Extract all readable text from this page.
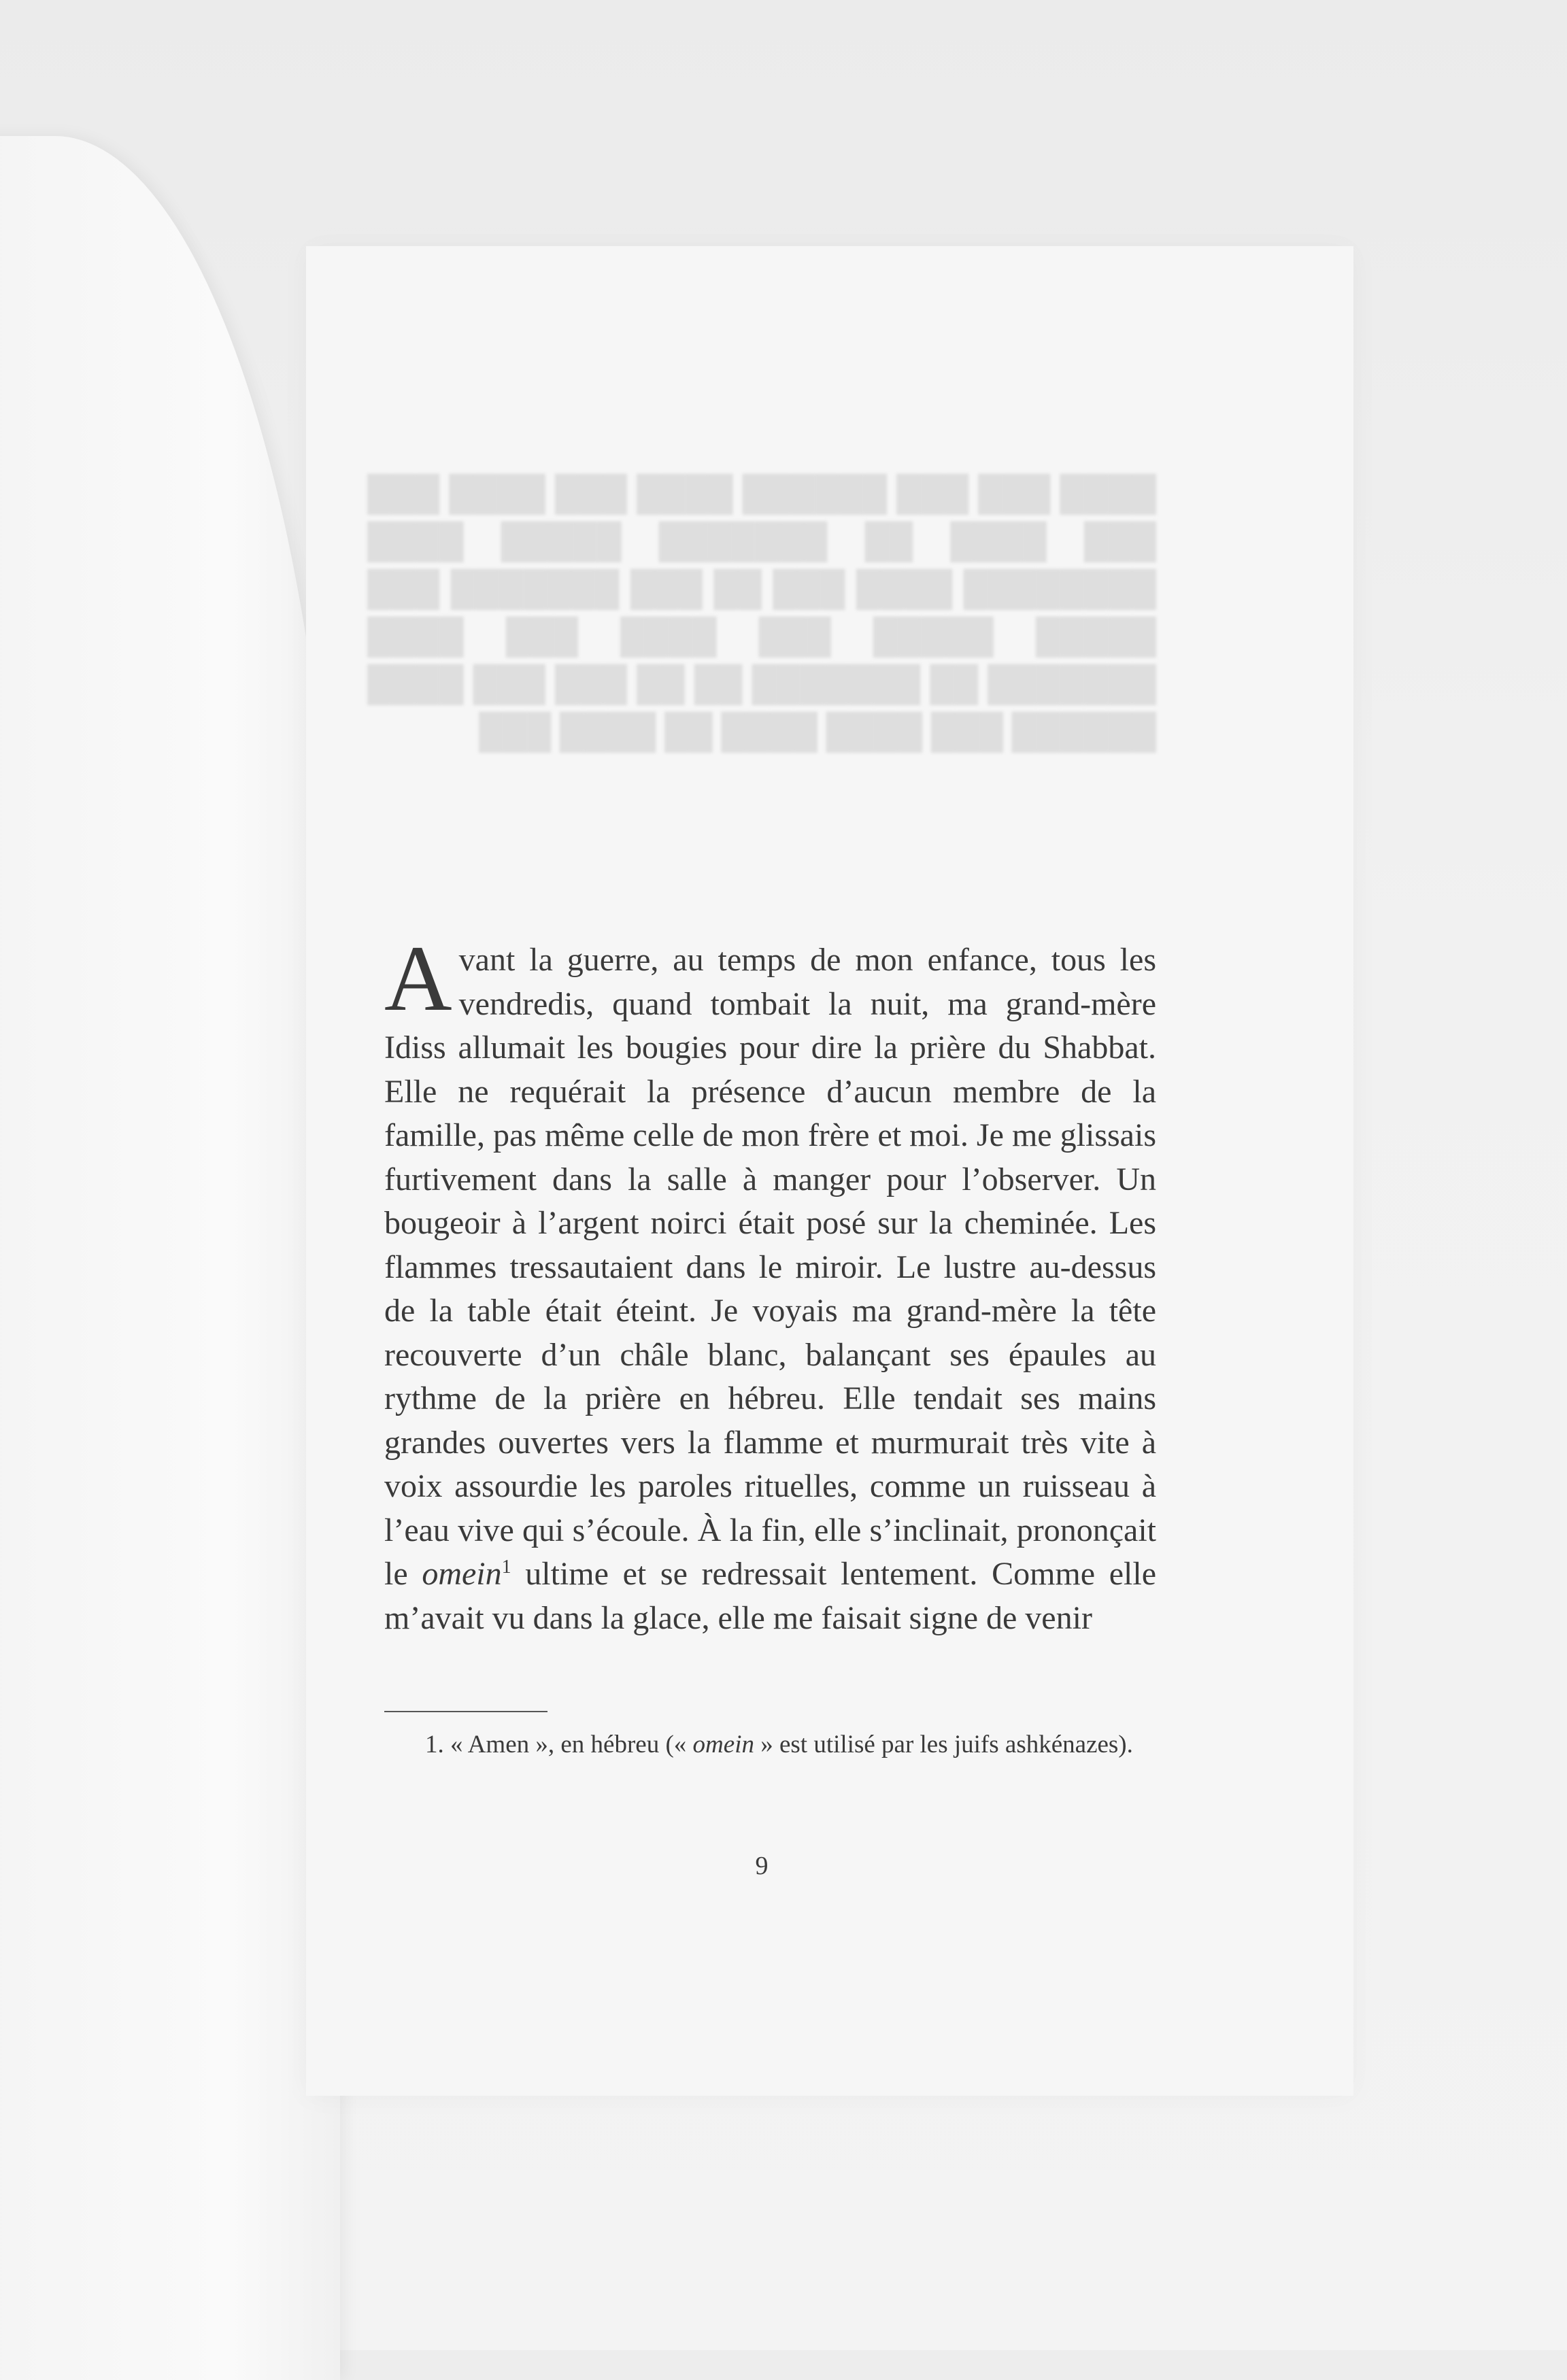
████ ███ ███ ██████ ████ ███ ████ ███ ███ ████ ██ ███████ █████ ████ ████████ ████ ███ ██ ███ ███████ ███ █████ █████ ███ ████ ███ ████ ███████ ██ ███████ ██ ██ ███ ███ ████ ██████ ███ ████ ████ ██ ████ ███

Avant la guerre, au temps de mon enfance, tous les vendredis, quand tombait la nuit, ma grand-mère Idiss allumait les bougies pour dire la prière du Shabbat. Elle ne requérait la présence d’aucun membre de la famille, pas même celle de mon frère et moi. Je me glissais furtivement dans la salle à manger pour l’observer. Un bougeoir à l’argent noirci était posé sur la cheminée. Les flammes tressautaient dans le miroir. Le lustre au-dessus de la table était éteint. Je voyais ma grand-mère la tête recouverte d’un châle blanc, balançant ses épaules au rythme de la prière en hébreu. Elle tendait ses mains grandes ouvertes vers la flamme et murmurait très vite à voix assourdie les paroles rituelles, comme un ruisseau à l’eau vive qui s’écoule. À la fin, elle s’inclinait, prononçait le omein$^1$ ultime et se redressait lentement. Comme elle m’avait vu dans la glace, elle me faisait signe de venir

1. « Amen », en hébreu (« omein » est utilisé par les juifs ashkénazes).

9
